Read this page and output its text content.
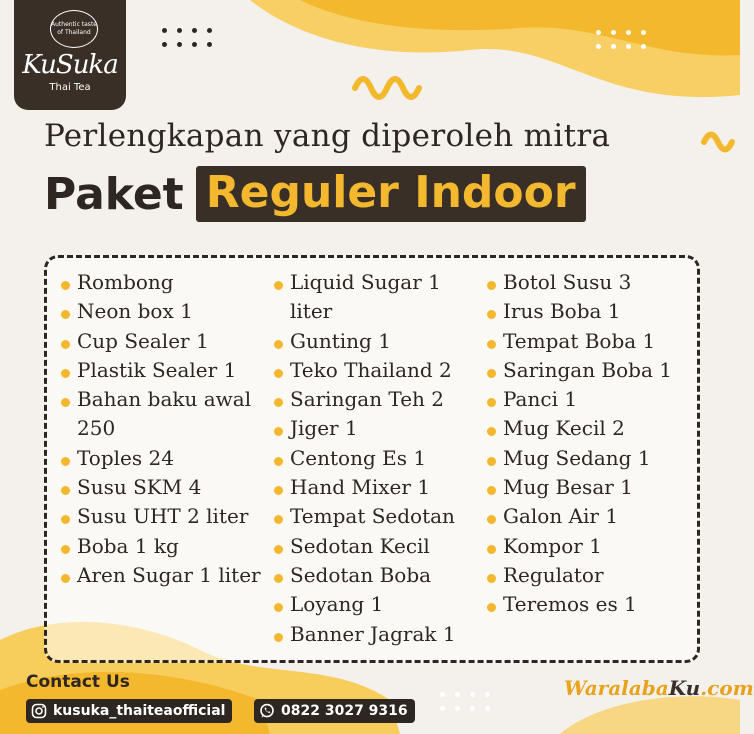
Authentic taste of Thailand
KuSuka
Thai Tea
Perlengkapan yang diperoleh mitra
Paket Reguler Indoor
Rombong
Neon box 1
Cup Sealer 1
Plastik Sealer 1
Bahan baku awal 250
Toples 24
Susu SKM 4
Susu UHT 2 liter
Boba 1 kg
Aren Sugar 1 liter
Liquid Sugar 1 liter
Gunting 1
Teko Thailand 2
Saringan Teh 2
Jiger 1
Centong Es 1
Hand Mixer 1
Tempat Sedotan
Sedotan Kecil
Sedotan Boba
Loyang 1
Banner Jagrak 1
Botol Susu 3
Irus Boba 1
Tempat Boba 1
Saringan Boba 1
Panci 1
Mug Kecil 2
Mug Sedang 1
Mug Besar 1
Galon Air 1
Kompor 1
Regulator
Teremos es 1
Contact Us
kusuka_thaiteaofficial	0822 3027 9316
WaralabaKu.com
